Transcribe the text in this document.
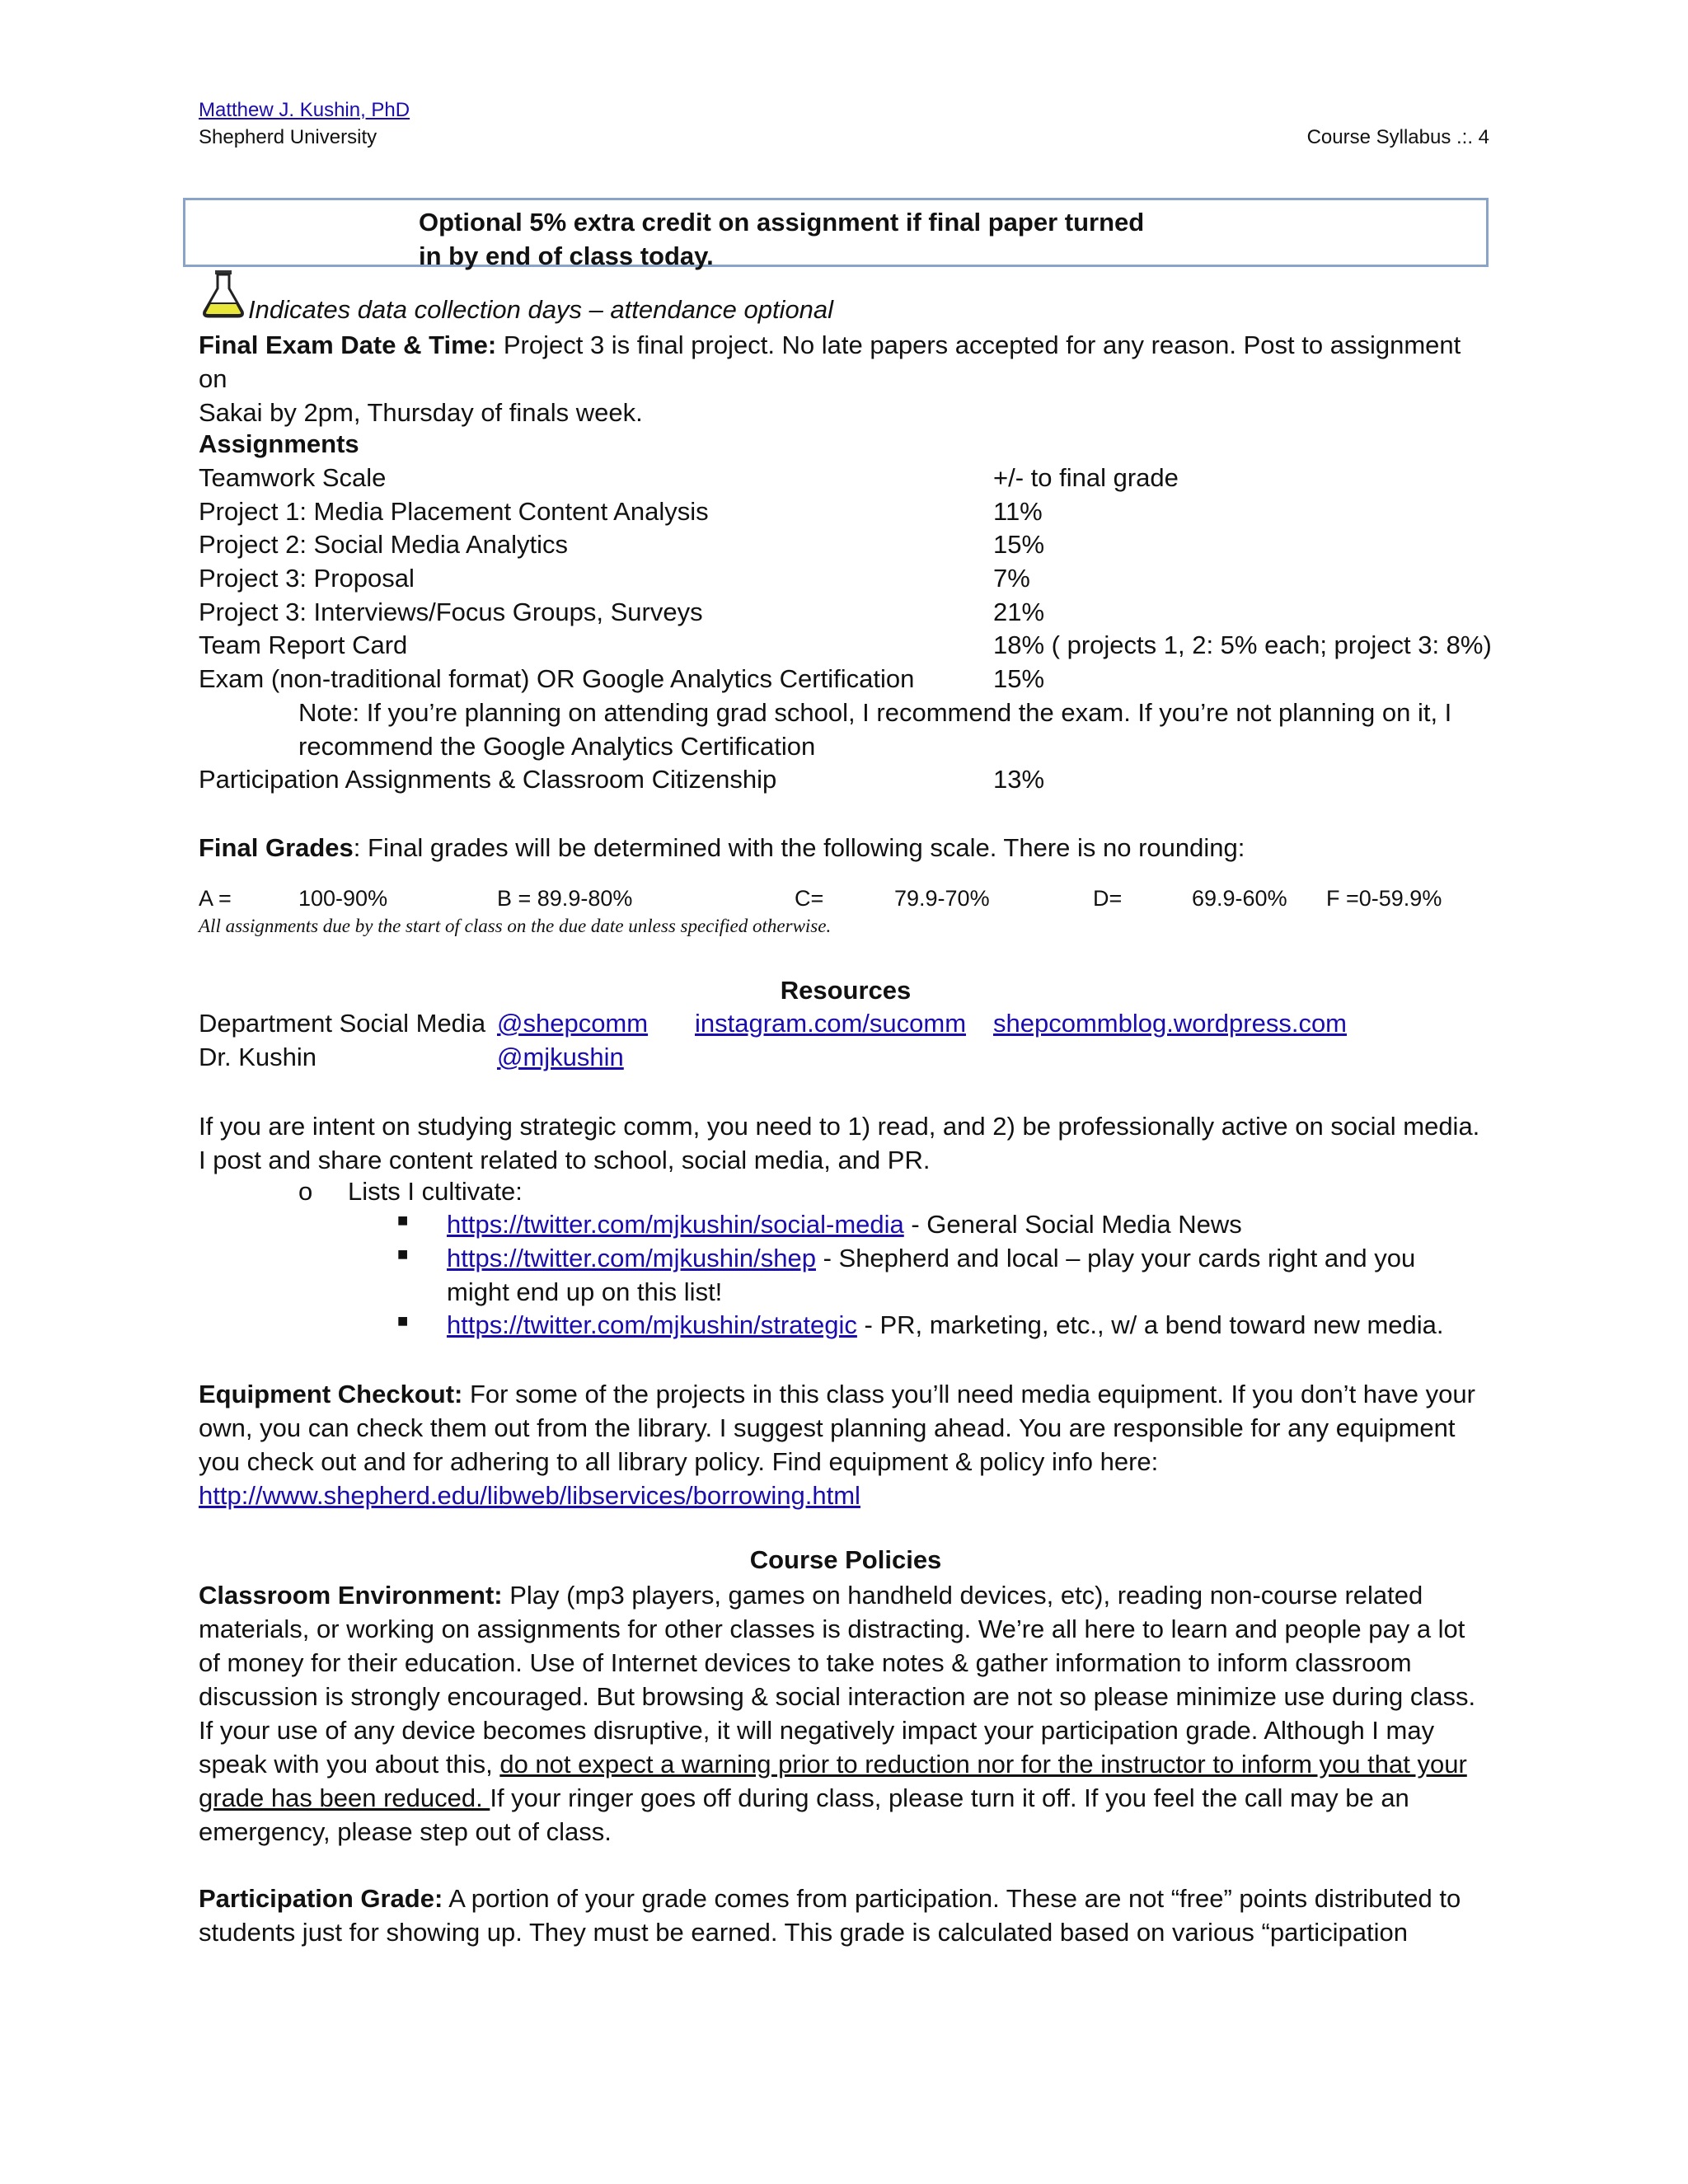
Matthew J. Kushin, PhD
Shepherd University	Course Syllabus .:. 4
Optional 5% extra credit on assignment if final paper turned
in by end of class today.
Indicates data collection days – attendance optional
Final Exam Date & Time: Project 3 is final project. No late papers accepted for any reason. Post to assignment on
Sakai by 2pm, Thursday of finals week.
Assignments
Teamwork Scale	+/- to final grade
Project 1: Media Placement Content Analysis	11%
Project 2: Social Media Analytics	15%
Project 3: Proposal	7%
Project 3: Interviews/Focus Groups, Surveys	21%
Team Report Card	18% ( projects 1, 2: 5% each; project 3: 8%)
Exam (non-traditional format) OR Google Analytics Certification	15%
Note: If you’re planning on attending grad school, I recommend the exam. If you’re not planning on it, I
recommend the Google Analytics Certification
Participation Assignments & Classroom Citizenship	13%
Final Grades: Final grades will be determined with the following scale. There is no rounding:
A =	100-90%	B = 89.9-80%	C=	79.9-70%	D=	69.9-60% F =0-59.9%
All assignments due by the start of class on the due date unless specified otherwise.
Resources
Department Social Media @shepcomm instagram.com/sucomm shepcommblog.wordpress.com
Dr. Kushin	@mjkushin
If you are intent on studying strategic comm, you need to 1) read, and 2) be professionally active on social media. I post and share content related to school, social media, and PR.
o Lists I cultivate:
■ https://twitter.com/mjkushin/social-media - General Social Media News
■ https://twitter.com/mjkushin/shep - Shepherd and local – play your cards right and you
might end up on this list!
■ https://twitter.com/mjkushin/strategic - PR, marketing, etc., w/ a bend toward new media.
Equipment Checkout: For some of the projects in this class you’ll need media equipment. If you don’t have your own, you can check them out from the library. I suggest planning ahead. You are responsible for any equipment you check out and for adhering to all library policy. Find equipment & policy info here:
http://www.shepherd.edu/libweb/libservices/borrowing.html
Course Policies
Classroom Environment: Play (mp3 players, games on handheld devices, etc), reading non-course related materials, or working on assignments for other classes is distracting. We’re all here to learn and people pay a lot of money for their education. Use of Internet devices to take notes & gather information to inform classroom discussion is strongly encouraged. But browsing & social interaction are not so please minimize use during class. If your use of any device becomes disruptive, it will negatively impact your participation grade. Although I may speak with you about this, do not expect a warning prior to reduction nor for the instructor to inform you that your grade has been reduced. If your ringer goes off during class, please turn it off. If you feel the call may be an emergency, please step out of class.
Participation Grade: A portion of your grade comes from participation. These are not “free” points distributed to students just for showing up. They must be earned. This grade is calculated based on various “participation
